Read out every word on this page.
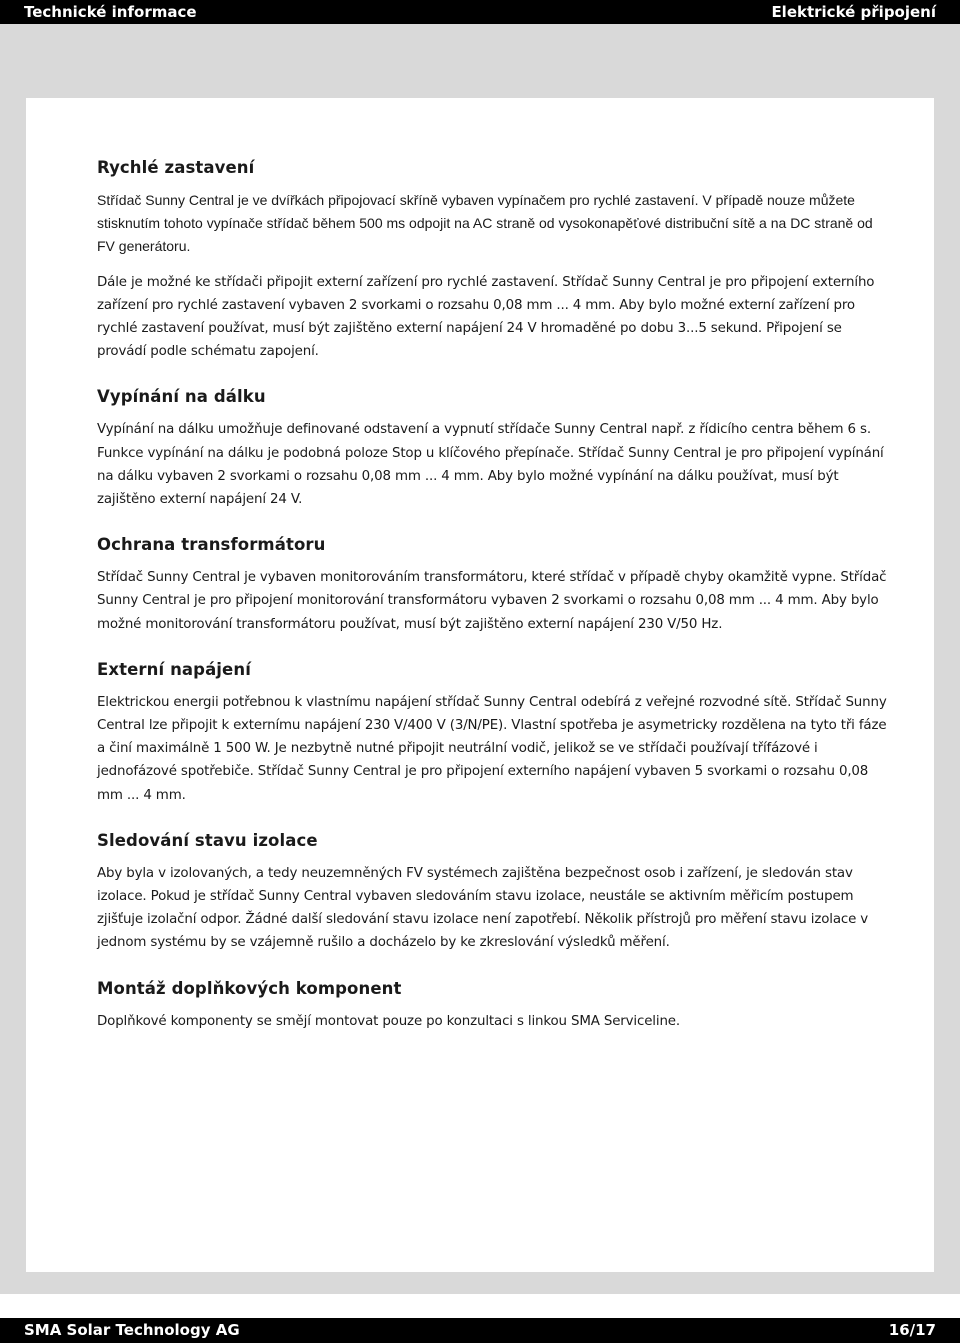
Technické informace	Elektrické připojení
Rychlé zastavení

Střídač Sunny Central je ve dvířkách připojovací skříně vybaven vypínačem pro rychlé zastavení. V případě nouze můžete stisknutím tohoto vypínače střídač během 500 ms odpojit na AC straně od vysokonapěťové distribuční sítě a na DC straně od FV generátoru.

Dále je možné ke střídači připojit externí zařízení pro rychlé zastavení. Střídač Sunny Central je pro připojení externího zařízení pro rychlé zastavení vybaven 2 svorkami o rozsahu 0,08 mm ... 4 mm. Aby bylo možné externí zařízení pro rychlé zastavení používat, musí být zajištěno externí napájení 24 V hromaděné po dobu 3...5 sekund. Připojení se provádí podle schématu zapojení.

Vypínání na dálku

Vypínání na dálku umožňuje definované odstavení a vypnutí střídače Sunny Central např. z řídicího centra během 6 s. Funkce vypínání na dálku je podobná poloze Stop u klíčového přepínače. Střídač Sunny Central je pro připojení vypínání na dálku vybaven 2 svorkami o rozsahu 0,08 mm ... 4 mm. Aby bylo možné vypínání na dálku používat, musí být zajištěno externí napájení 24 V.

Ochrana transformátoru

Střídač Sunny Central je vybaven monitorováním transformátoru, které střídač v případě chyby okamžitě vypne. Střídač Sunny Central je pro připojení monitorování transformátoru vybaven 2 svorkami o rozsahu 0,08 mm ... 4 mm. Aby bylo možné monitorování transformátoru používat, musí být zajištěno externí napájení 230 V/50 Hz.

Externí napájení

Elektrickou energii potřebnou k vlastnímu napájení střídač Sunny Central odebírá z veřejné rozvodné sítě. Střídač Sunny Central lze připojit k externímu napájení 230 V/400 V (3/N/PE). Vlastní spotřeba je asymetricky rozdělena na tyto tři fáze a činí maximálně 1 500 W. Je nezbytně nutné připojit neutrální vodič, jelikož se ve střídači používají třífázové i jednofázové spotřebiče. Střídač Sunny Central je pro připojení externího napájení vybaven 5 svorkami o rozsahu 0,08 mm ... 4 mm.

Sledování stavu izolace

Aby byla v izolovaných, a tedy neuzemněných FV systémech zajištěna bezpečnost osob i zařízení, je sledován stav izolace. Pokud je střídač Sunny Central vybaven sledováním stavu izolace, neustále se aktivním měřicím postupem zjišťuje izolační odpor. Žádné další sledování stavu izolace není zapotřebí. Několik přístrojů pro měření stavu izolace v jednom systému by se vzájemně rušilo a docházelo by ke zkreslování výsledků měření.

Montáž doplňkových komponent

Doplňkové komponenty se smějí montovat pouze po konzultaci s linkou SMA Serviceline.

SMA Solar Technology AG	16/17
